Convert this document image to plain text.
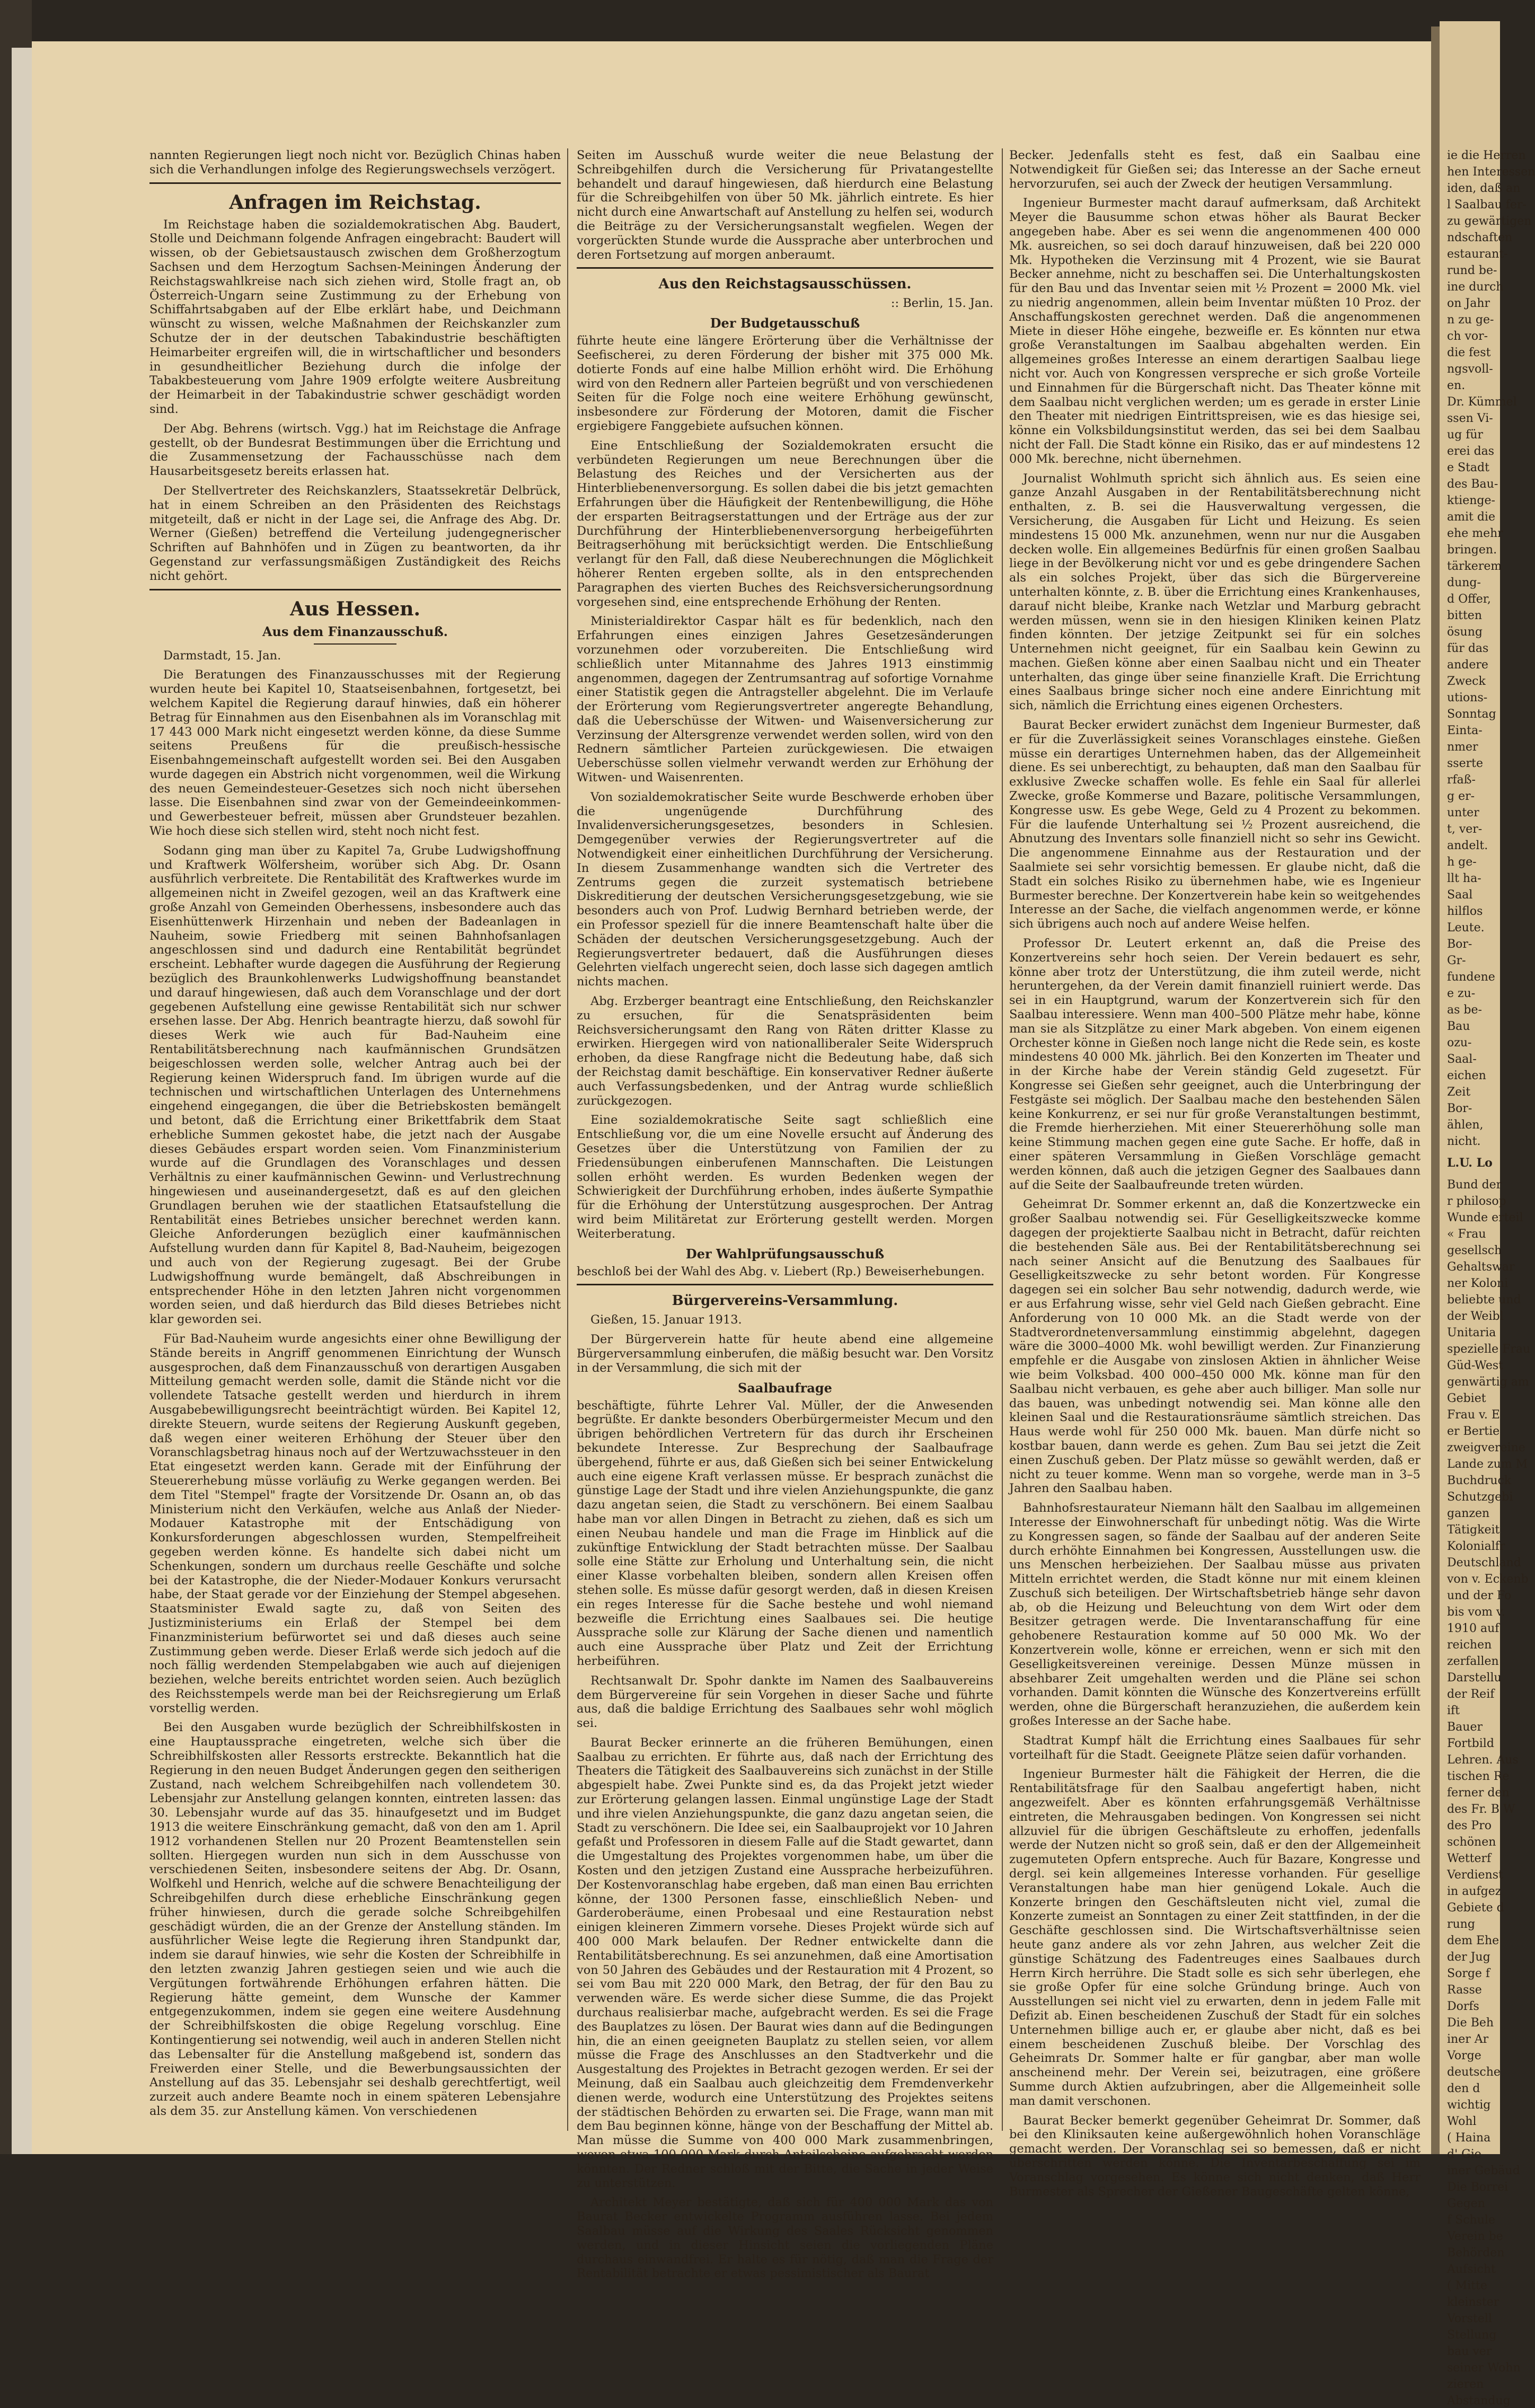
nannten Regierungen liegt noch nicht vor. Bezüglich Chinas haben sich die Verhandlungen infolge des Regierungswechsels verzögert.

Anfragen im Reichstag.

Im Reichstage haben die sozialdemokratischen Abg. Baudert, Stolle und Deichmann folgende Anfragen eingebracht: Baudert will wissen, ob der Gebietsaustausch zwischen dem Großherzogtum Sachsen und dem Herzogtum Sachsen-Meiningen Änderung der Reichstagswahlkreise nach sich ziehen wird, Stolle fragt an, ob Österreich-Ungarn seine Zustimmung zu der Erhebung von Schiffahrtsabgaben auf der Elbe erklärt habe, und Deichmann wünscht zu wissen, welche Maßnahmen der Reichskanzler zum Schutze der in der deutschen Tabakindustrie beschäftigten Heimarbeiter ergreifen will, die in wirtschaftlicher und besonders in gesundheitlicher Beziehung durch die infolge der Tabakbesteuerung vom Jahre 1909 erfolgte weitere Ausbreitung der Heimarbeit in der Tabakindustrie schwer geschädigt worden sind.

Der Abg. Behrens (wirtsch. Vgg.) hat im Reichstage die Anfrage gestellt, ob der Bundesrat Bestimmungen über die Errichtung und die Zusammensetzung der Fachausschüsse nach dem Hausarbeitsgesetz bereits erlassen hat.

Der Stellvertreter des Reichskanzlers, Staatssekretär Delbrück, hat in einem Schreiben an den Präsidenten des Reichstags mitgeteilt, daß er nicht in der Lage sei, die Anfrage des Abg. Dr. Werner (Gießen) betreffend die Verteilung judengegnerischer Schriften auf Bahnhöfen und in Zügen zu beantworten, da ihr Gegenstand zur verfassungsmäßigen Zuständigkeit des Reichs nicht gehört.

Aus Hessen.
Aus dem Finanzausschuß.

Darmstadt, 15. Jan.

Die Beratungen des Finanzausschusses mit der Regierung wurden heute bei Kapitel 10, Staatseisenbahnen, fortgesetzt, bei welchem Kapitel die Regierung darauf hinwies, daß ein höherer Betrag für Einnahmen aus den Eisenbahnen als im Voranschlag mit 17 443 000 Mark nicht eingesetzt werden könne, da diese Summe seitens Preußens für die preußisch-hessische Eisenbahngemeinschaft aufgestellt worden sei. Bei den Ausgaben wurde dagegen ein Abstrich nicht vorgenommen, weil die Wirkung des neuen Gemeindesteuer-Gesetzes sich noch nicht übersehen lasse. Die Eisenbahnen sind zwar von der Gemeindeeinkommen- und Gewerbesteuer befreit, müssen aber Grundsteuer bezahlen. Wie hoch diese sich stellen wird, steht noch nicht fest.

Sodann ging man über zu Kapitel 7a, Grube Ludwigshoffnung und Kraftwerk Wölfersheim, worüber sich Abg. Dr. Osann ausführlich verbreitete. Die Rentabilität des Kraftwerkes wurde im allgemeinen nicht in Zweifel gezogen, weil an das Kraftwerk eine große Anzahl von Gemeinden Oberhessens, insbesondere auch das Eisenhüttenwerk Hirzenhain und neben der Badeanlagen in Nauheim, sowie Friedberg mit seinen Bahnhofsanlagen angeschlossen sind und dadurch eine Rentabilität begründet erscheint. Lebhafter wurde dagegen die Ausführung der Regierung bezüglich des Braunkohlenwerks Ludwigshoffnung beanstandet und darauf hingewiesen, daß auch dem Voranschlage und der dort gegebenen Aufstellung eine gewisse Rentabilität sich nur schwer ersehen lasse. Der Abg. Henrich beantragte hierzu, daß sowohl für dieses Werk wie auch für Bad-Nauheim eine Rentabilitätsberechnung nach kaufmännischen Grundsätzen beigeschlossen werden solle, welcher Antrag auch bei der Regierung keinen Widerspruch fand. Im übrigen wurde auf die technischen und wirtschaftlichen Unterlagen des Unternehmens eingehend eingegangen, die über die Betriebskosten bemängelt und betont, daß die Errichtung einer Brikettfabrik dem Staat erhebliche Summen gekostet habe, die jetzt nach der Ausgabe dieses Gebäudes erspart worden seien. Vom Finanzministerium wurde auf die Grundlagen des Voranschlages und dessen Verhältnis zu einer kaufmännischen Gewinn- und Verlustrechnung hingewiesen und auseinandergesetzt, daß es auf den gleichen Grundlagen beruhen wie der staatlichen Etatsaufstellung die Rentabilität eines Betriebes unsicher berechnet werden kann. Gleiche Anforderungen bezüglich einer kaufmännischen Aufstellung wurden dann für Kapitel 8, Bad-Nauheim, beigezogen und auch von der Regierung zugesagt. Bei der Grube Ludwigshoffnung wurde bemängelt, daß Abschreibungen in entsprechender Höhe in den letzten Jahren nicht vorgenommen worden seien, und daß hierdurch das Bild dieses Betriebes nicht klar geworden sei.

Für Bad-Nauheim wurde angesichts einer ohne Bewilligung der Stände bereits in Angriff genommenen Einrichtung der Wunsch ausgesprochen, daß dem Finanzausschuß von derartigen Ausgaben Mitteilung gemacht werden solle, damit die Stände nicht vor die vollendete Tatsache gestellt werden und hierdurch in ihrem Ausgabebewilligungsrecht beeinträchtigt würden. Bei Kapitel 12, direkte Steuern, wurde seitens der Regierung Auskunft gegeben, daß wegen einer weiteren Erhöhung der Steuer über den Voranschlagsbetrag hinaus noch auf der Wertzuwachssteuer in den Etat eingesetzt werden kann. Gerade mit der Einführung der Steuererhebung müsse vorläufig zu Werke gegangen werden. Bei dem Titel "Stempel" fragte der Vorsitzende Dr. Osann an, ob das Ministerium nicht den Verkäufen, welche aus Anlaß der Nieder-Modauer Katastrophe mit der Entschädigung von Konkursforderungen abgeschlossen wurden, Stempelfreiheit gegeben werden könne. Es handelte sich dabei nicht um Schenkungen, sondern um durchaus reelle Geschäfte und solche bei der Katastrophe, die der Nieder-Modauer Konkurs verursacht habe, der Staat gerade vor der Einziehung der Stempel abgesehen. Staatsminister Ewald sagte zu, daß von Seiten des Justizministeriums ein Erlaß der Stempel bei dem Finanzministerium befürwortet sei und daß dieses auch seine Zustimmung geben werde. Dieser Erlaß werde sich jedoch auf die noch fällig werdenden Stempelabgaben wie auch auf diejenigen beziehen, welche bereits entrichtet worden seien. Auch bezüglich des Reichsstempels werde man bei der Reichsregierung um Erlaß vorstellig werden.

Bei den Ausgaben wurde bezüglich der Schreibhilfskosten in eine Hauptaussprache eingetreten, welche sich über die Schreibhilfskosten aller Ressorts erstreckte. Bekanntlich hat die Regierung in den neuen Budget Änderungen gegen den seitherigen Zustand, nach welchem Schreibgehilfen nach vollendetem 30. Lebensjahr zur Anstellung gelangen konnten, eintreten lassen: das 30. Lebensjahr wurde auf das 35. hinaufgesetzt und im Budget 1913 die weitere Einschränkung gemacht, daß von den am 1. April 1912 vorhandenen Stellen nur 20 Prozent Beamtenstellen sein sollten. Hiergegen wurden nun sich in dem Ausschusse von verschiedenen Seiten, insbesondere seitens der Abg. Dr. Osann, Wolfkehl und Henrich, welche auf die schwere Benachteiligung der Schreibgehilfen durch diese erhebliche Einschränkung gegen früher hinwiesen, durch die gerade solche Schreibgehilfen geschädigt würden, die an der Grenze der Anstellung ständen. Im ausführlicher Weise legte die Regierung ihren Standpunkt dar, indem sie darauf hinwies, wie sehr die Kosten der Schreibhilfe in den letzten zwanzig Jahren gestiegen seien und wie auch die Vergütungen fortwährende Erhöhungen erfahren hätten. Die Regierung hätte gemeint, dem Wunsche der Kammer entgegenzukommen, indem sie gegen eine weitere Ausdehnung der Schreibhilfskosten die obige Regelung vorschlug. Eine Kontingentierung sei notwendig, weil auch in anderen Stellen nicht das Lebensalter für die Anstellung maßgebend ist, sondern das Freiwerden einer Stelle, und die Bewerbungsaussichten der Anstellung auf das 35. Lebensjahr sei deshalb gerechtfertigt, weil zurzeit auch andere Beamte noch in einem späteren Lebensjahre als dem 35. zur Anstellung kämen. Von verschiedenen

Seiten im Ausschuß wurde weiter die neue Belastung der Schreibgehilfen durch die Versicherung für Privatangestellte behandelt und darauf hingewiesen, daß hierdurch eine Belastung für die Schreibgehilfen von über 50 Mk. jährlich eintrete. Es hier nicht durch eine Anwartschaft auf Anstellung zu helfen sei, wodurch die Beiträge zu der Versicherungsanstalt wegfielen. Wegen der vorgerückten Stunde wurde die Aussprache aber unterbrochen und deren Fortsetzung auf morgen anberaumt.

Aus den Reichstagsausschüssen.

:: Berlin, 15. Jan.

Der Budgetausschuß

führte heute eine längere Erörterung über die Verhältnisse der Seefischerei, zu deren Förderung der bisher mit 375 000 Mk. dotierte Fonds auf eine halbe Million erhöht wird. Die Erhöhung wird von den Rednern aller Parteien begrüßt und von verschiedenen Seiten für die Folge noch eine weitere Erhöhung gewünscht, insbesondere zur Förderung der Motoren, damit die Fischer ergiebigere Fanggebiete aufsuchen können.

Eine Entschließung der Sozialdemokraten ersucht die verbündeten Regierungen um neue Berechnungen über die Belastung des Reiches und der Versicherten aus der Hinterbliebenenversorgung. Es sollen dabei die bis jetzt gemachten Erfahrungen über die Häufigkeit der Rentenbewilligung, die Höhe der ersparten Beitragserstattungen und der Erträge aus der zur Durchführung der Hinterbliebenenversorgung herbeigeführten Beitragserhöhung mit berücksichtigt werden. Die Entschließung verlangt für den Fall, daß diese Neuberechnungen die Möglichkeit höherer Renten ergeben sollte, als in den entsprechenden Paragraphen des vierten Buches des Reichsversicherungsordnung vorgesehen sind, eine entsprechende Erhöhung der Renten.

Ministerialdirektor Caspar hält es für bedenklich, nach den Erfahrungen eines einzigen Jahres Gesetzesänderungen vorzunehmen oder vorzubereiten. Die Entschließung wird schließlich unter Mitannahme des Jahres 1913 einstimmig angenommen, dagegen der Zentrumsantrag auf sofortige Vornahme einer Statistik gegen die Antragsteller abgelehnt. Die im Verlaufe der Erörterung vom Regierungsvertreter angeregte Behandlung, daß die Ueberschüsse der Witwen- und Waisenversicherung zur Verzinsung der Altersgrenze verwendet werden sollen, wird von den Rednern sämtlicher Parteien zurückgewiesen. Die etwaigen Ueberschüsse sollen vielmehr verwandt werden zur Erhöhung der Witwen- und Waisenrenten.

Von sozialdemokratischer Seite wurde Beschwerde erhoben über die ungenügende Durchführung des Invalidenversicherungsgesetzes, besonders in Schlesien. Demgegenüber verwies der Regierungsvertreter auf die Notwendigkeit einer einheitlichen Durchführung der Versicherung. In diesem Zusammenhange wandten sich die Vertreter des Zentrums gegen die zurzeit systematisch betriebene Diskreditierung der deutschen Versicherungsgesetzgebung, wie sie besonders auch von Prof. Ludwig Bernhard betrieben werde, der ein Professor speziell für die innere Beamtenschaft halte über die Schäden der deutschen Versicherungsgesetzgebung. Auch der Regierungsvertreter bedauert, daß die Ausführungen dieses Gelehrten vielfach ungerecht seien, doch lasse sich dagegen amtlich nichts machen.

Abg. Erzberger beantragt eine Entschließung, den Reichskanzler zu ersuchen, für die Senatspräsidenten beim Reichsversicherungsamt den Rang von Räten dritter Klasse zu erwirken. Hiergegen wird von nationalliberaler Seite Widerspruch erhoben, da diese Rangfrage nicht die Bedeutung habe, daß sich der Reichstag damit beschäftige. Ein konservativer Redner äußerte auch Verfassungsbedenken, und der Antrag wurde schließlich zurückgezogen.

Eine sozialdemokratische Seite sagt schließlich eine Entschließung vor, die um eine Novelle ersucht auf Änderung des Gesetzes über die Unterstützung von Familien der zu Friedensübungen einberufenen Mannschaften. Die Leistungen sollen erhöht werden. Es wurden Bedenken wegen der Schwierigkeit der Durchführung erhoben, indes äußerte Sympathie für die Erhöhung der Unterstützung ausgesprochen. Der Antrag wird beim Militäretat zur Erörterung gestellt werden. Morgen Weiterberatung.

Der Wahlprüfungsausschuß

beschloß bei der Wahl des Abg. v. Liebert (Rp.) Beweiserhebungen.

Bürgervereins-Versammlung.

Gießen, 15. Januar 1913.

Der Bürgerverein hatte für heute abend eine allgemeine Bürgerversammlung einberufen, die mäßig besucht war. Den Vorsitz in der Versammlung, die sich mit der

Saalbaufrage

beschäftigte, führte Lehrer Val. Müller, der die Anwesenden begrüßte. Er dankte besonders Oberbürgermeister Mecum und den übrigen behördlichen Vertretern für das durch ihr Erscheinen bekundete Interesse. Zur Besprechung der Saalbaufrage übergehend, führte er aus, daß Gießen sich bei seiner Entwickelung auch eine eigene Kraft verlassen müsse. Er besprach zunächst die günstige Lage der Stadt und ihre vielen Anziehungspunkte, die ganz dazu angetan seien, die Stadt zu verschönern. Bei einem Saalbau habe man vor allen Dingen in Betracht zu ziehen, daß es sich um einen Neubau handele und man die Frage im Hinblick auf die zukünftige Entwicklung der Stadt betrachten müsse. Der Saalbau solle eine Stätte zur Erholung und Unterhaltung sein, die nicht einer Klasse vorbehalten bleiben, sondern allen Kreisen offen stehen solle. Es müsse dafür gesorgt werden, daß in diesen Kreisen ein reges Interesse für die Sache bestehe und wohl niemand bezweifle die Errichtung eines Saalbaues sei. Die heutige Aussprache solle zur Klärung der Sache dienen und namentlich auch eine Aussprache über Platz und Zeit der Errichtung herbeiführen.

Rechtsanwalt Dr. Spohr dankte im Namen des Saalbauvereins dem Bürgervereine für sein Vorgehen in dieser Sache und führte aus, daß die baldige Errichtung des Saalbaues sehr wohl möglich sei.

Baurat Becker erinnerte an die früheren Bemühungen, einen Saalbau zu errichten. Er führte aus, daß nach der Errichtung des Theaters die Tätigkeit des Saalbauvereins sich zunächst in der Stille abgespielt habe. Zwei Punkte sind es, da das Projekt jetzt wieder zur Erörterung gelangen lassen. Einmal ungünstige Lage der Stadt und ihre vielen Anziehungspunkte, die ganz dazu angetan seien, die Stadt zu verschönern. Die Idee sei, ein Saalbauprojekt vor 10 Jahren gefaßt und Professoren in diesem Falle auf die Stadt gewartet, dann die Umgestaltung des Projektes vorgenommen habe, um über die Kosten und den jetzigen Zustand eine Aussprache herbeizuführen. Der Kostenvoranschlag habe ergeben, daß man einen Bau errichten könne, der 1300 Personen fasse, einschließlich Neben- und Garderoberäume, einen Probesaal und eine Restauration nebst einigen kleineren Zimmern vorsehe. Dieses Projekt würde sich auf 400 000 Mark belaufen. Der Redner entwickelte dann die Rentabilitätsberechnung. Es sei anzunehmen, daß eine Amortisation von 50 Jahren des Gebäudes und der Restauration mit 4 Prozent, so sei vom Bau mit 220 000 Mark, den Betrag, der für den Bau zu verwenden wäre. Es werde sicher diese Summe, die das Projekt durchaus realisierbar mache, aufgebracht werden. Es sei die Frage des Bauplatzes zu lösen. Der Baurat wies dann auf die Bedingungen hin, die an einen geeigneten Bauplatz zu stellen seien, vor allem müsse die Frage des Anschlusses an den Stadtverkehr und die Ausgestaltung des Projektes in Betracht gezogen werden. Er sei der Meinung, daß ein Saalbau auch gleichzeitig dem Fremdenverkehr dienen werde, wodurch eine Unterstützung des Projektes seitens der städtischen Behörden zu erwarten sei. Die Frage, wann man mit dem Bau beginnen könne, hänge von der Beschaffung der Mittel ab. Man müsse die Summe von 400 000 Mark zusammenbringen, wovon etwa 100 000 Mark durch Anteilscheine aufgebracht werden könnten. Der Redner schloß mit der Bitte, die Sache in jeder Weise zu unterstützen.

Architekt Meyer bestätigte, daß sich für 400 000 Mark das von Baurat Becker entwickelte Programm ausführen lasse. Bei jedem Saalbau müsse auf die Wirkung des Saales Rücksicht genommen werden, und in dieser Hinsicht seien die vorliegenden Pläne durchaus einwandfrei. Er halte es für nötig, daß man die Frage der Rentabilität betrachte er etwas pessimistischer als Baurat

Becker. Jedenfalls steht es fest, daß ein Saalbau eine Notwendigkeit für Gießen sei; das Interesse an der Sache erneut hervorzurufen, sei auch der Zweck der heutigen Versammlung.

Ingenieur Burmester macht darauf aufmerksam, daß Architekt Meyer die Bausumme schon etwas höher als Baurat Becker angegeben habe. Aber es sei wenn die angenommenen 400 000 Mk. ausreichen, so sei doch darauf hinzuweisen, daß bei 220 000 Mk. Hypotheken die Verzinsung mit 4 Prozent, wie sie Baurat Becker annehme, nicht zu beschaffen sei. Die Unterhaltungskosten für den Bau und das Inventar seien mit ½ Prozent = 2000 Mk. viel zu niedrig angenommen, allein beim Inventar müßten 10 Proz. der Anschaffungskosten gerechnet werden. Daß die angenommenen Miete in dieser Höhe eingehe, bezweifle er. Es könnten nur etwa große Veranstaltungen im Saalbau abgehalten werden. Ein allgemeines großes Interesse an einem derartigen Saalbau liege nicht vor. Auch von Kongressen verspreche er sich große Vorteile und Einnahmen für die Bürgerschaft nicht. Das Theater könne mit dem Saalbau nicht verglichen werden; um es gerade in erster Linie den Theater mit niedrigen Eintrittspreisen, wie es das hiesige sei, könne ein Volksbildungsinstitut werden, das sei bei dem Saalbau nicht der Fall. Die Stadt könne ein Risiko, das er auf mindestens 12 000 Mk. berechne, nicht übernehmen.

Journalist Wohlmuth spricht sich ähnlich aus. Es seien eine ganze Anzahl Ausgaben in der Rentabilitätsberechnung nicht enthalten, z. B. sei die Hausverwaltung vergessen, die Versicherung, die Ausgaben für Licht und Heizung. Es seien mindestens 15 000 Mk. anzunehmen, wenn nur nur die Ausgaben decken wolle. Ein allgemeines Bedürfnis für einen großen Saalbau liege in der Bevölkerung nicht vor und es gebe dringendere Sachen als ein solches Projekt, über das sich die Bürgervereine unterhalten könnte, z. B. über die Errichtung eines Krankenhauses, darauf nicht bleibe, Kranke nach Wetzlar und Marburg gebracht werden müssen, wenn sie in den hiesigen Kliniken keinen Platz finden könnten. Der jetzige Zeitpunkt sei für ein solches Unternehmen nicht geeignet, für ein Saalbau kein Gewinn zu machen. Gießen könne aber einen Saalbau nicht und ein Theater unterhalten, das ginge über seine finanzielle Kraft. Die Errichtung eines Saalbaus bringe sicher noch eine andere Einrichtung mit sich, nämlich die Errichtung eines eigenen Orchesters.

Baurat Becker erwidert zunächst dem Ingenieur Burmester, daß er für die Zuverlässigkeit seines Voranschlages einstehe. Gießen müsse ein derartiges Unternehmen haben, das der Allgemeinheit diene. Es sei unberechtigt, zu behaupten, daß man den Saalbau für exklusive Zwecke schaffen wolle. Es fehle ein Saal für allerlei Zwecke, große Kommerse und Bazare, politische Versammlungen, Kongresse usw. Es gebe Wege, Geld zu 4 Prozent zu bekommen. Für die laufende Unterhaltung sei ½ Prozent ausreichend, die Abnutzung des Inventars solle finanziell nicht so sehr ins Gewicht. Die angenommene Einnahme aus der Restauration und der Saalmiete sei sehr vorsichtig bemessen. Er glaube nicht, daß die Stadt ein solches Risiko zu übernehmen habe, wie es Ingenieur Burmester berechne. Der Konzertverein habe kein so weitgehendes Interesse an der Sache, die vielfach angenommen werde, er könne sich übrigens auch noch auf andere Weise helfen.

Professor Dr. Leutert erkennt an, daß die Preise des Konzertvereins sehr hoch seien. Der Verein bedauert es sehr, könne aber trotz der Unterstützung, die ihm zuteil werde, nicht heruntergehen, da der Verein damit finanziell ruiniert werde. Das sei in ein Hauptgrund, warum der Konzertverein sich für den Saalbau interessiere. Wenn man 400–500 Plätze mehr habe, könne man sie als Sitzplätze zu einer Mark abgeben. Von einem eigenen Orchester könne in Gießen noch lange nicht die Rede sein, es koste mindestens 40 000 Mk. jährlich. Bei den Konzerten im Theater und in der Kirche habe der Verein ständig Geld zugesetzt. Für Kongresse sei Gießen sehr geeignet, auch die Unterbringung der Festgäste sei möglich. Der Saalbau mache den bestehenden Sälen keine Konkurrenz, er sei nur für große Veranstaltungen bestimmt, die Fremde hierherziehen. Mit einer Steuererhöhung solle man keine Stimmung machen gegen eine gute Sache. Er hoffe, daß in einer späteren Versammlung in Gießen Vorschläge gemacht werden können, daß auch die jetzigen Gegner des Saalbaues dann auf die Seite der Saalbaufreunde treten würden.

Geheimrat Dr. Sommer erkennt an, daß die Konzertzwecke ein großer Saalbau notwendig sei. Für Geselligkeitszwecke komme dagegen der projektierte Saalbau nicht in Betracht, dafür reichten die bestehenden Säle aus. Bei der Rentabilitätsberechnung sei nach seiner Ansicht auf die Benutzung des Saalbaues für Geselligkeitszwecke zu sehr betont worden. Für Kongresse dagegen sei ein solcher Bau sehr notwendig, dadurch werde, wie er aus Erfahrung wisse, sehr viel Geld nach Gießen gebracht. Eine Anforderung von 10 000 Mk. an die Stadt werde von der Stadtverordnetenversammlung einstimmig abgelehnt, dagegen wäre die 3000–4000 Mk. wohl bewilligt werden. Zur Finanzierung empfehle er die Ausgabe von zinslosen Aktien in ähnlicher Weise wie beim Volksbad. 400 000–450 000 Mk. könne man für den Saalbau nicht verbauen, es gehe aber auch billiger. Man solle nur das bauen, was unbedingt notwendig sei. Man könne alle den kleinen Saal und die Restaurationsräume sämtlich streichen. Das Haus werde wohl für 250 000 Mk. bauen. Man dürfe nicht so kostbar bauen, dann werde es gehen. Zum Bau sei jetzt die Zeit einen Zuschuß geben. Der Platz müsse so gewählt werden, daß er nicht zu teuer komme. Wenn man so vorgehe, werde man in 3–5 Jahren den Saalbau haben.

Bahnhofsrestaurateur Niemann hält den Saalbau im allgemeinen Interesse der Einwohnerschaft für unbedingt nötig. Was die Wirte zu Kongressen sagen, so fände der Saalbau auf der anderen Seite durch erhöhte Einnahmen bei Kongressen, Ausstellungen usw. die uns Menschen herbeiziehen. Der Saalbau müsse aus privaten Mitteln errichtet werden, die Stadt könne nur mit einem kleinen Zuschuß sich beteiligen. Der Wirtschaftsbetrieb hänge sehr davon ab, ob die Heizung und Beleuchtung von dem Wirt oder dem Besitzer getragen werde. Die Inventaranschaffung für eine gehobenere Restauration komme auf 50 000 Mk. Wo der Konzertverein wolle, könne er erreichen, wenn er sich mit den Geselligkeitsvereinen vereinige. Dessen Münze müssen in absehbarer Zeit umgehalten werden und die Pläne sei schon vorhanden. Damit könnten die Wünsche des Konzertvereins erfüllt werden, ohne die Bürgerschaft heranzuziehen, die außerdem kein großes Interesse an der Sache habe.

Stadtrat Kumpf hält die Errichtung eines Saalbaues für sehr vorteilhaft für die Stadt. Geeignete Plätze seien dafür vorhanden.

Ingenieur Burmester hält die Fähigkeit der Herren, die die Rentabilitätsfrage für den Saalbau angefertigt haben, nicht angezweifelt. Aber es könnten erfahrungsgemäß Verhältnisse eintreten, die Mehrausgaben bedingen. Von Kongressen sei nicht allzuviel für die übrigen Geschäftsleute zu erhoffen, jedenfalls werde der Nutzen nicht so groß sein, daß er den der Allgemeinheit zugemuteten Opfern entspreche. Auch für Bazare, Kongresse und dergl. sei kein allgemeines Interesse vorhanden. Für gesellige Veranstaltungen habe man hier genügend Lokale. Auch die Konzerte bringen den Geschäftsleuten nicht viel, zumal die Konzerte zumeist an Sonntagen zu einer Zeit stattfinden, in der die Geschäfte geschlossen sind. Die Wirtschaftsverhältnisse seien heute ganz andere als vor zehn Jahren, aus welcher Zeit die günstige Schätzung des Fadentreuges eines Saalbaues durch Herrn Kirch herrühre. Die Stadt solle es sich sehr überlegen, ehe sie große Opfer für eine solche Gründung bringe. Auch von Ausstellungen sei nicht viel zu erwarten, denn in jedem Falle mit Defizit ab. Einen bescheidenen Zuschuß der Stadt für ein solches Unternehmen billige auch er, er glaube aber nicht, daß es bei einem bescheidenen Zuschuß bleibe. Der Vorschlag des Geheimrats Dr. Sommer halte er für gangbar, aber man wolle anscheinend mehr. Der Verein sei, beizutragen, eine größere Summe durch Aktien aufzubringen, aber die Allgemeinheit solle man damit verschonen.

Baurat Becker bemerkt gegenüber Geheimrat Dr. Sommer, daß bei den Kliniksauten keine außergewöhnlich hohen Voranschläge gemacht werden. Der Voranschlag sei so bemessen, daß er nicht überschritten werden könne. Die Inventarbeschaffung sei im Voranschlag vorgesehen. Es könne sich nicht denken, daß Herr Burmester als Sprecher der Gießener Baugeschäfte gelten könne,

ie die Herren
hen Interessen
iden, daß an
l Saalbau fer-
zu gewärtigen
ndschaften
estaurant-
rund be-
ine durch
on Jahr
n zu ge-
ch vor-
die fest
ngsvoll-
en.
Dr. Kümmel
ssen Vi-
ug für
erei das
e Stadt
des Bau-
ktienge-
amit die
ehe mehr
bringen.
tärkerem
dung-
d Offer,
bitten
ösung
für das
andere
Zweck
utions-
Sonntag
Einta-
nmer
sserte
rfaß-
g er-
unter
t, ver-
andelt.
h ge-
llt ha-
Saal
hilflos
Leute.
Bor-
Gr-
fundene
e zu-
as be-
Bau
ozu-
Saal-
eichen
Zeit
Bor-
ählen,
nicht.
L.U. Lo
Bund der
r philosop
Wunde erteil
« Frau
gesellsch
Gehaltswar
ner Koloni
beliebte und
der Weibl
Unitaria
spezielle Frau
Güd-West
genwärtig am
Gebiet
Frau v. E
er Bertie
zweigvereine
Lande zum M
Buchdruck
Schutzgebi
ganzen
Tätigkeit
Kolonialfr
Deutschland
von v. Eckenb
und der Fo
bis vom v.
1910 auf
reichen
zerfallen
Darstellu
der Reif
ift
Bauer
Fortbild
Lehren. Aus
tischen Re
ferner den
des Fr. B W
des Pro
schönen
Wetterf
Verdienst
in aufgez
Gebiete d
rung
dem Ehe
der Jug
Sorge f
Rasse
Dorfs
Die Beh
iner Ar
Vorge
deutsche
den d
wichtig
Wohl
( Haina
d' Gie
iner Gebäud
Die Borrei
Gegen
f Schule
Verein be
Behörden
Aufsicht
( Mitte
kleinster
Vorstell
Stellung
bau ver
seiner Wohn
zieren
Abstandug
